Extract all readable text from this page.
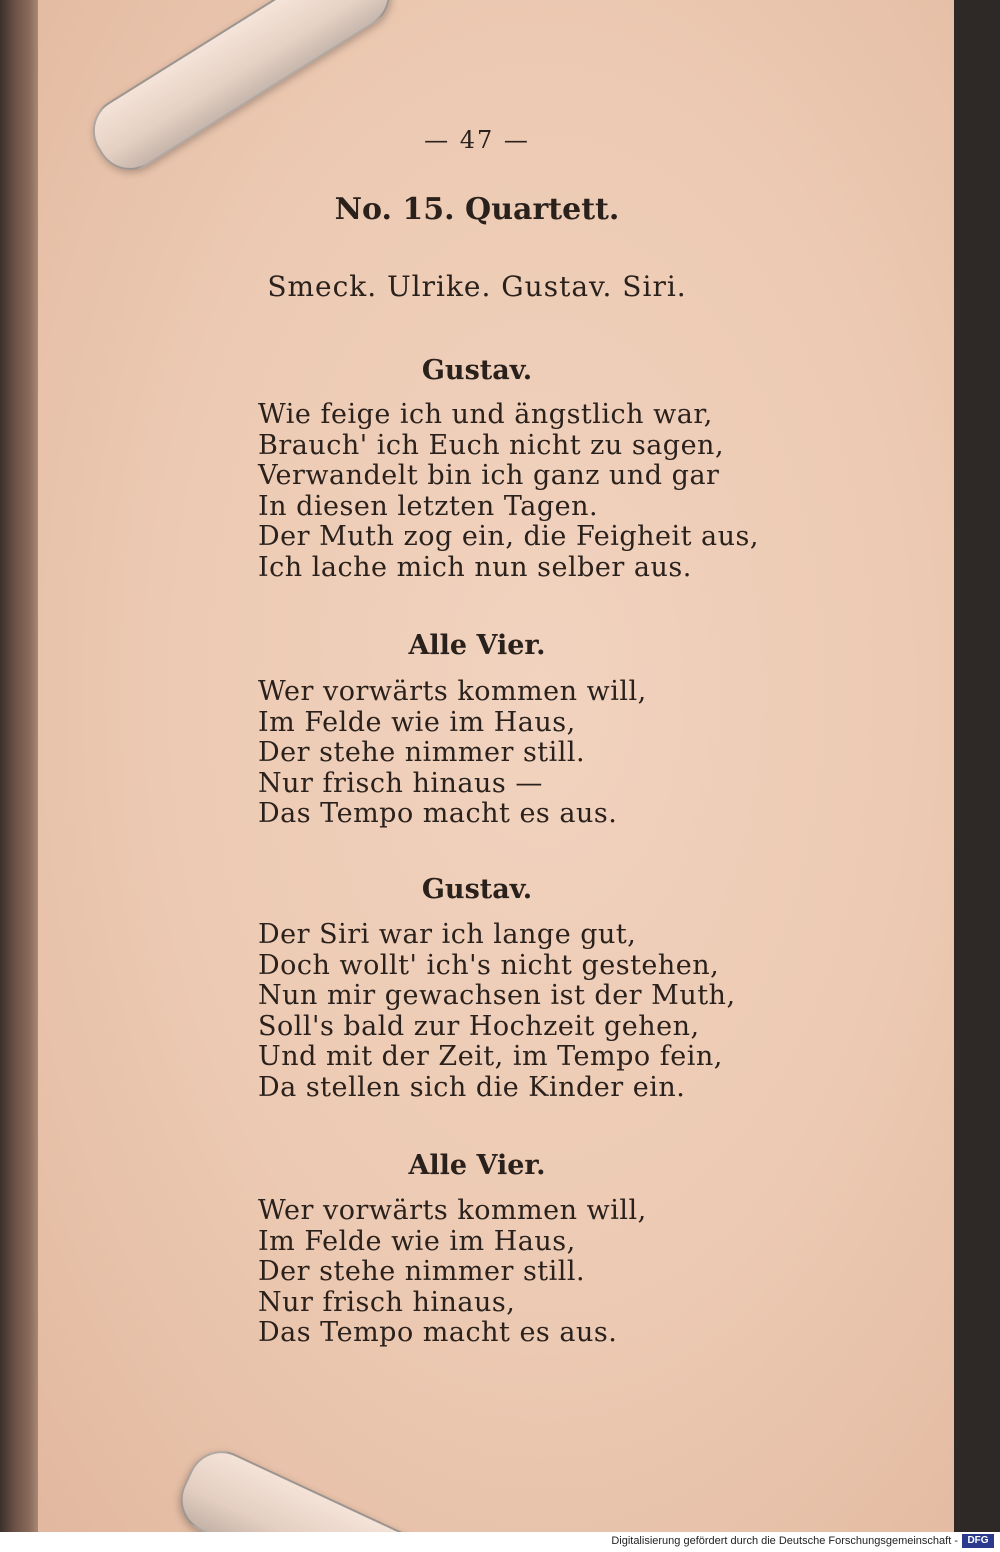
— 47 —
No. 15. Quartett.
Smeck. Ulrike. Gustav. Siri.
Gustav.
Wie feige ich und ängstlich war,
Brauch' ich Euch nicht zu sagen,
Verwandelt bin ich ganz und gar
In diesen letzten Tagen.
Der Muth zog ein, die Feigheit aus,
Ich lache mich nun selber aus.
Alle Vier.
Wer vorwärts kommen will,
Im Felde wie im Haus,
Der stehe nimmer still.
Nur frisch hinaus —
Das Tempo macht es aus.
Gustav.
Der Siri war ich lange gut,
Doch wollt' ich's nicht gestehen,
Nun mir gewachsen ist der Muth,
Soll's bald zur Hochzeit gehen,
Und mit der Zeit, im Tempo fein,
Da stellen sich die Kinder ein.
Alle Vier.
Wer vorwärts kommen will,
Im Felde wie im Haus,
Der stehe nimmer still.
Nur frisch hinaus,
Das Tempo macht es aus.
Digitalisierung gefördert durch die Deutsche Forschungsgemeinschaft - DFG
